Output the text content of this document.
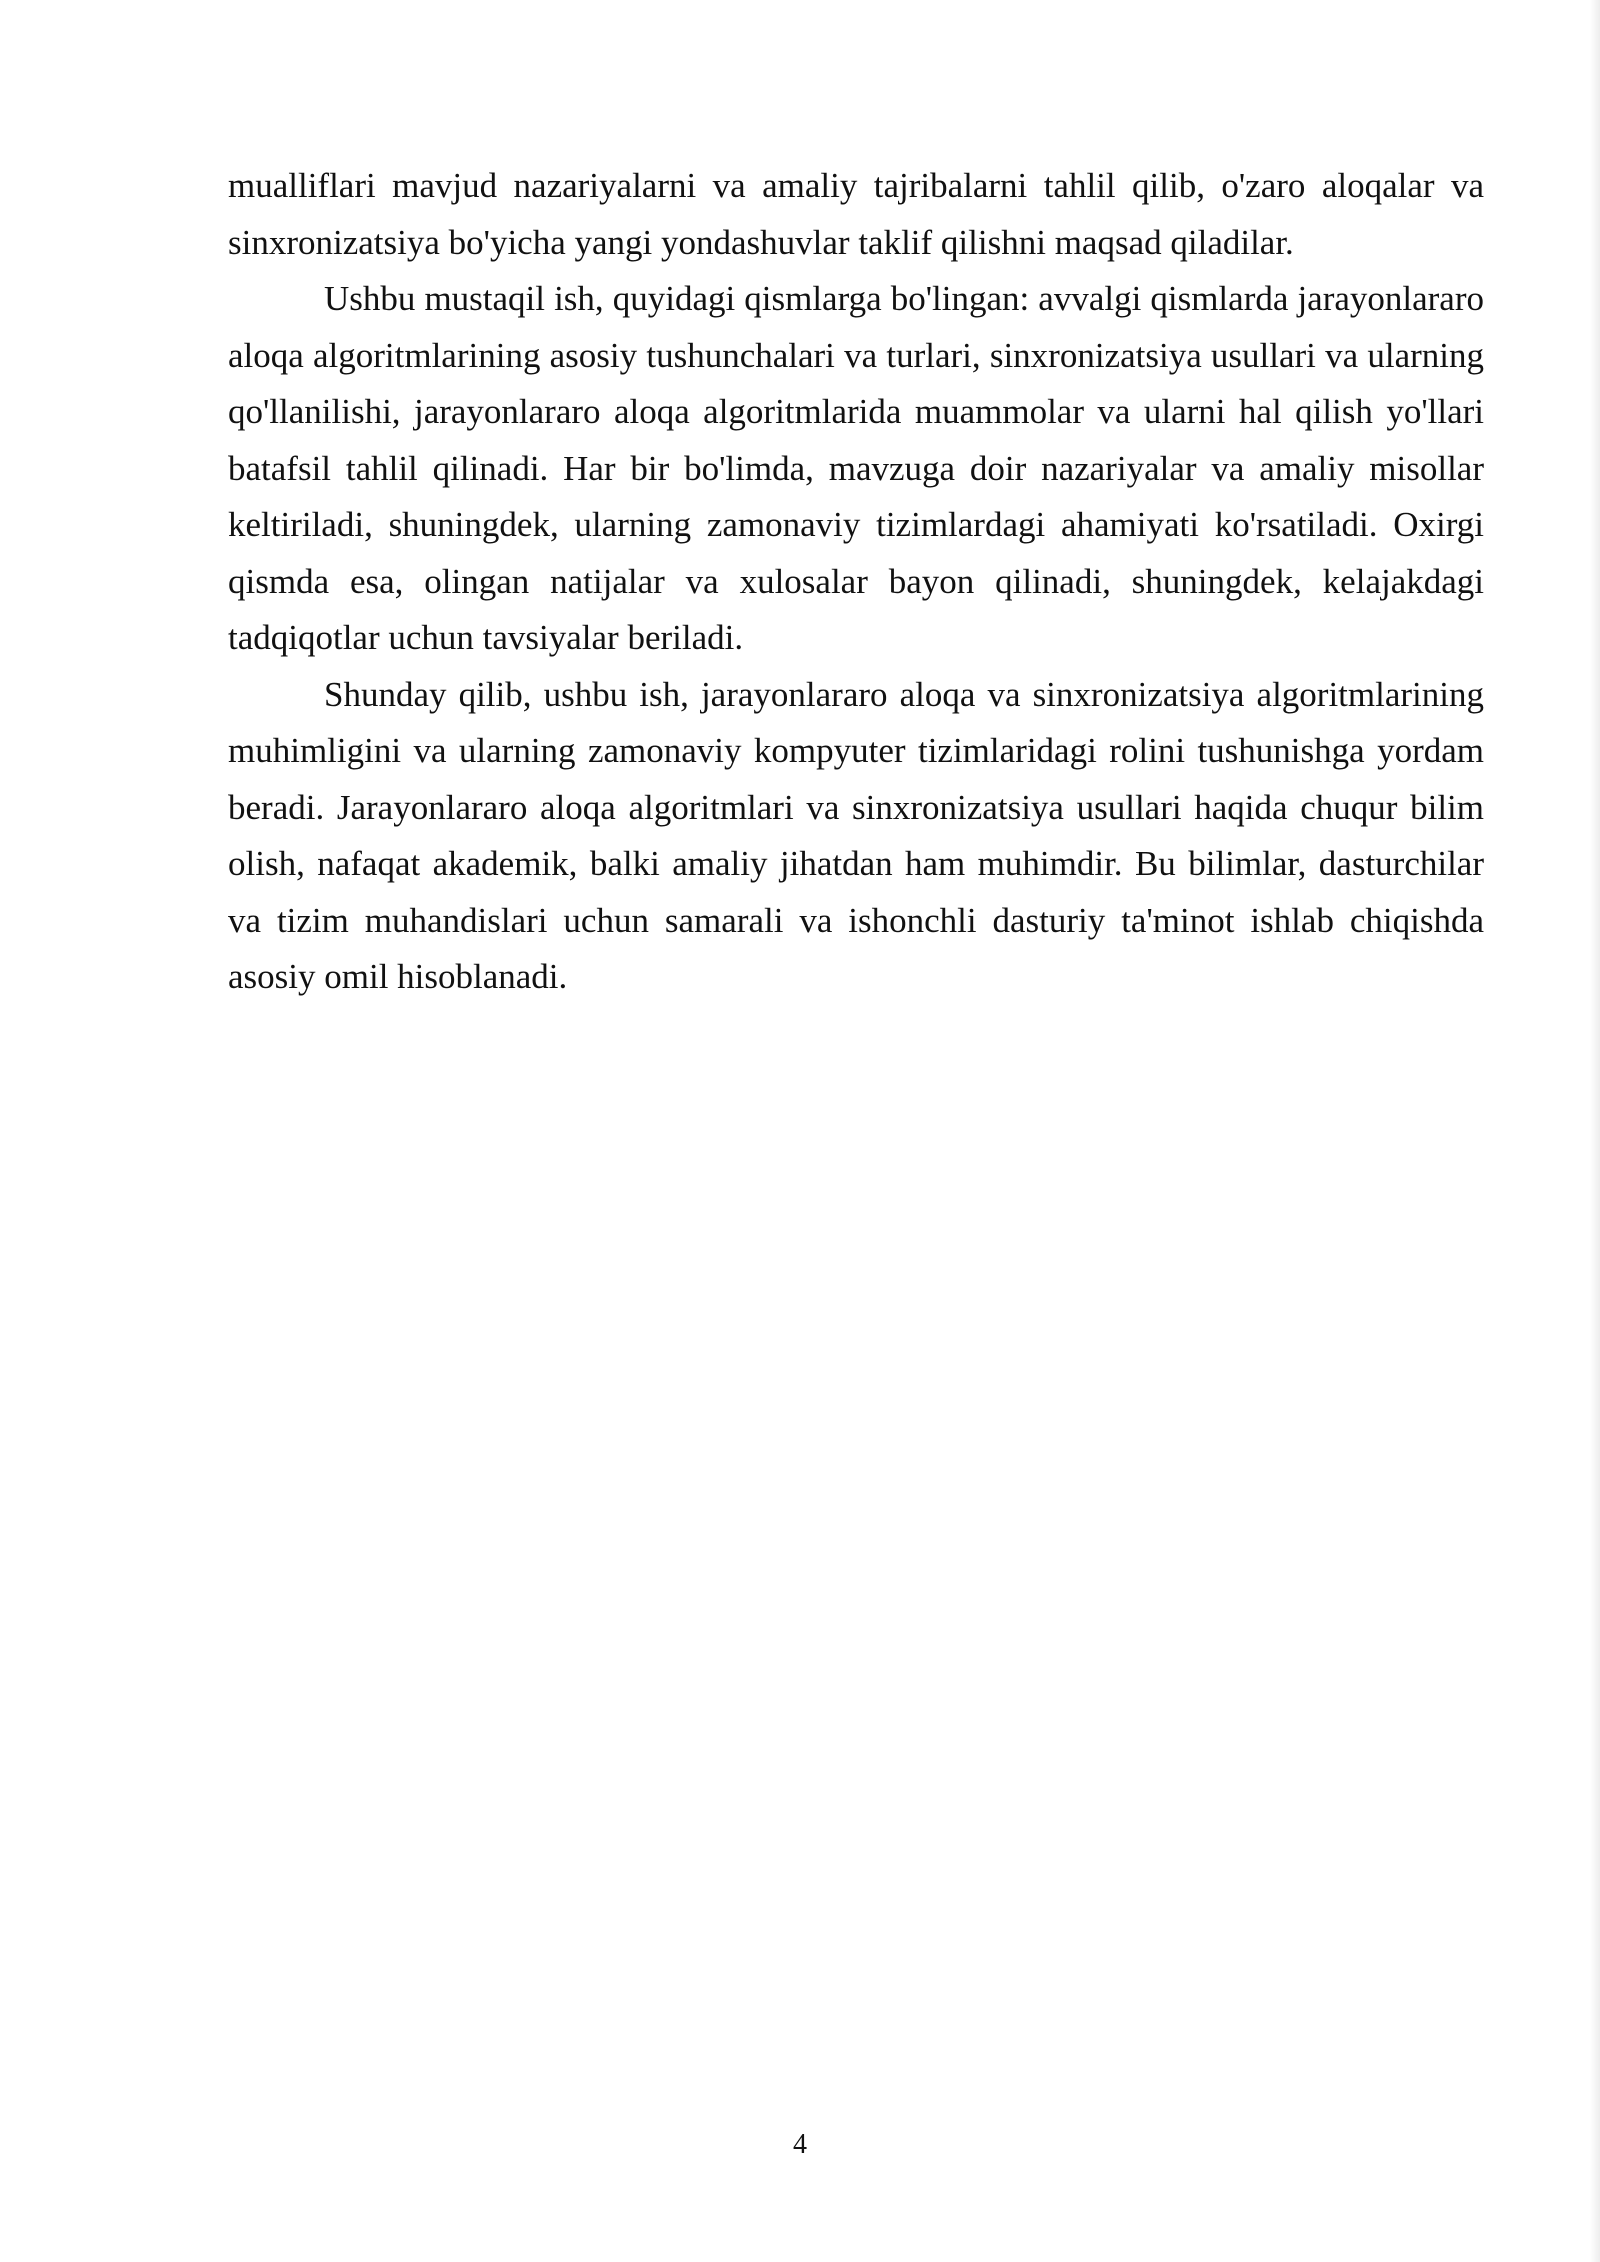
mualliflari mavjud nazariyalarni va amaliy tajribalarni tahlil qilib, o'zaro aloqalar va sinxronizatsiya bo'yicha yangi yondashuvlar taklif qilishni maqsad qiladilar.

Ushbu mustaqil ish, quyidagi qismlarga bo'lingan: avvalgi qismlarda jarayonlararo aloqa algoritmlarining asosiy tushunchalari va turlari, sinxronizatsiya usullari va ularning qo'llanilishi, jarayonlararo aloqa algoritmlarida muammolar va ularni hal qilish yo'llari batafsil tahlil qilinadi. Har bir bo'limda, mavzuga doir nazariyalar va amaliy misollar keltiriladi, shuningdek, ularning zamonaviy tizimlardagi ahamiyati ko'rsatiladi. Oxirgi qismda esa, olingan natijalar va xulosalar bayon qilinadi, shuningdek, kelajakdagi tadqiqotlar uchun tavsiyalar beriladi.

Shunday qilib, ushbu ish, jarayonlararo aloqa va sinxronizatsiya algoritmlarining muhimligini va ularning zamonaviy kompyuter tizimlaridagi rolini tushunishga yordam beradi. Jarayonlararo aloqa algoritmlari va sinxronizatsiya usullari haqida chuqur bilim olish, nafaqat akademik, balki amaliy jihatdan ham muhimdir. Bu bilimlar, dasturchilar va tizim muhandislari uchun samarali va ishonchli dasturiy ta'minot ishlab chiqishda asosiy omil hisoblanadi.

4
